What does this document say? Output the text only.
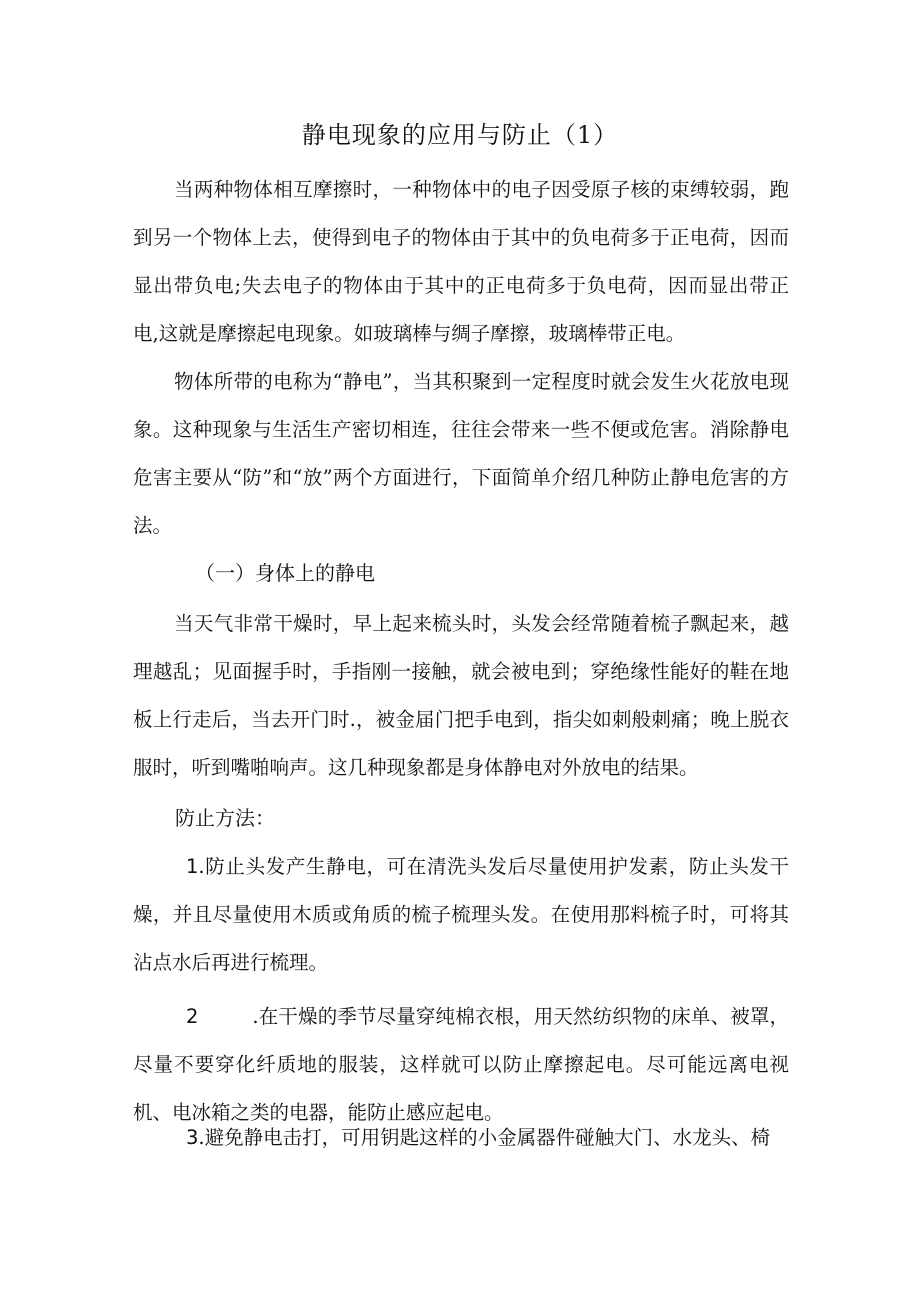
静电现象的应用与防止（1）

当两种物体相互摩擦时，一种物体中的电子因受原子核的束缚较弱，跑到另一个物体上去，使得到电子的物体由于其中的负电荷多于正电荷，因而显出带负电;失去电子的物体由于其中的正电荷多于负电荷，因而显出带正电,这就是摩擦起电现象。如玻璃棒与绸子摩擦，玻璃棒带正电。

物体所带的电称为“静电”，当其积聚到一定程度时就会发生火花放电现象。这种现象与生活生产密切相连，往往会带来一些不便或危害。消除静电危害主要从“防”和“放”两个方面进行，下面简单介绍几种防止静电危害的方法。

（一）身体上的静电

当天气非常干燥时，早上起来梳头时，头发会经常随着梳子飘起来，越理越乱；见面握手时，手指刚一接触，就会被电到；穿绝缘性能好的鞋在地板上行走后，当去开门时.，被金届门把手电到，指尖如刺般刺痛；晚上脱衣服时，听到嘴啪响声。这几种现象都是身体静电对外放电的结果。

防止方法：

1.防止头发产生静电，可在清洗头发后尽量使用护发素，防止头发干燥，并且尽量使用木质或角质的梳子梳理头发。在使用那料梳子时，可将其沾点水后再进行梳理。

2	.在干燥的季节尽量穿纯棉衣根，用天然纺织物的床单、被罩，尽量不要穿化纤质地的服装，这样就可以防止摩擦起电。尽可能远离电视机、电冰箱之类的电器，能防止感应起电。

3.避免静电击打，可用钥匙这样的小金属器件碰触大门、水龙头、椅
